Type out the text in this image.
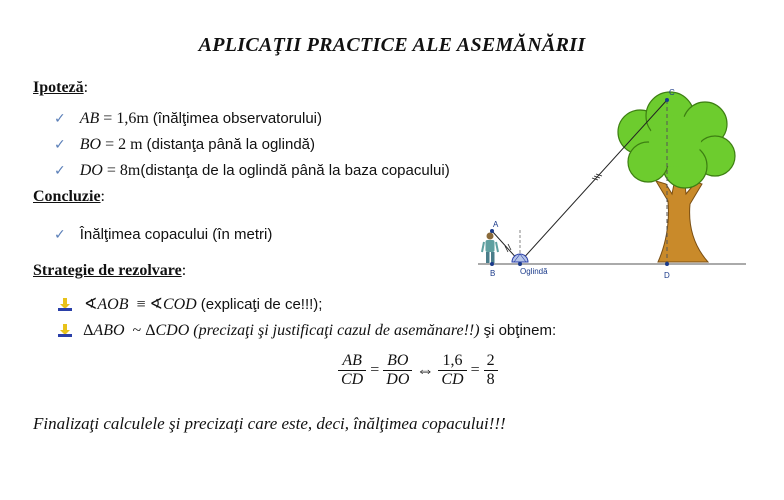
APLICAŢII PRACTICE ALE ASEMĂNĂRII
Ipoteză:
✓ AB = 1,6m (înălţimea observatorului)
✓ BO = 2 m (distanţa până la oglindă)
✓ DO = 8m(distanţa de la oglindă până la baza copacului)
Concluzie:
✓ Înălţimea copacului (în metri)
Strategie de rezolvare:
∢AOB ≡ ∢COD (explicaţi de ce!!!);
ΔABO ~ ΔCDO (precizaţi şi justificaţi cazul de asemănare!!) şi obţinem:
$\frac{AB}{CD} = \frac{BO}{DO}$ ⇔ $\frac{1,6}{CD} = \frac{2}{8}$
Finalizaţi calculele şi precizaţi care este, deci, înălţimea copacului!!!
A
B
C
D
Oglindă
